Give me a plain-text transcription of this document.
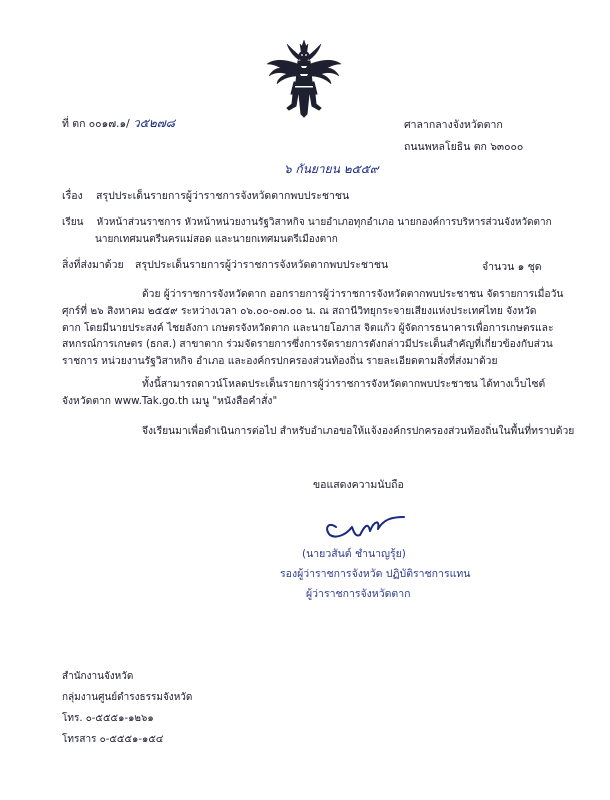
ที่ ตก ๐๐๑๗.๑/ ว๕๒๗๘	ศาลากลางจังหวัดตาก
ถนนพหลโยธิน ตก ๖๓๐๐๐
๖ กันยายน ๒๕๕๙
เรื่อง สรุปประเด็นรายการผู้ว่าราชการจังหวัดตากพบประชาชน
เรียน หัวหน้าส่วนราชการ หัวหน้าหน่วยงานรัฐวิสาหกิจ นายอำเภอทุกอำเภอ นายกองค์การบริหารส่วนจังหวัดตาก
นายกเทศมนตรีนครแม่สอด และนายกเทศมนตรีเมืองตาก
สิ่งที่ส่งมาด้วย สรุปประเด็นรายการผู้ว่าราชการจังหวัดตากพบประชาชน	จำนวน ๑ ชุด
ด้วย ผู้ว่าราชการจังหวัดตาก ออกรายการผู้ว่าราชการจังหวัดตากพบประชาชน จัดรายการเมื่อวัน
ศุกร์ที่ ๒๖ สิงหาคม ๒๕๕๙ ระหว่างเวลา ๐๖.๐๐-๐๗.๐๐ น. ณ สถานีวิทยุกระจายเสียงแห่งประเทศไทย จังหวัด
ตาก โดยมีนายประสงค์ ไชยลังกา เกษตรจังหวัดตาก และนายโอภาส จิตแก้ว ผู้จัดการธนาคารเพื่อการเกษตรและ
สหกรณ์การเกษตร (ธกส.) สาขาตาก ร่วมจัดรายการซึ่งการจัดรายการดังกล่าวมีประเด็นสำคัญที่เกี่ยวข้องกับส่วน
ราชการ หน่วยงานรัฐวิสาหกิจ อำเภอ และองค์กรปกครองส่วนท้องถิ่น รายละเอียดตามสิ่งที่ส่งมาด้วย
ทั้งนี้สามารถดาวน์โหลดประเด็นรายการผู้ว่าราชการจังหวัดตากพบประชาชน ได้ทางเว็บไซต์
จังหวัดตาก www.Tak.go.th เมนู "หนังสือคำสั่ง"
จึงเรียนมาเพื่อดำเนินการต่อไป สำหรับอำเภอขอให้แจ้งองค์กรปกครองส่วนท้องถิ่นในพื้นที่ทราบด้วย
ขอแสดงความนับถือ
(นายวสันต์ ชำนาญรุ้ย)
รองผู้ว่าราชการจังหวัด ปฏิบัติราชการแทน
ผู้ว่าราชการจังหวัดตาก
สำนักงานจังหวัด
กลุ่มงานศูนย์ดำรงธรรมจังหวัด
โทร. ๐-๕๕๕๑-๑๒๖๑
โทรสาร ๐-๕๕๕๑-๑๕๔
